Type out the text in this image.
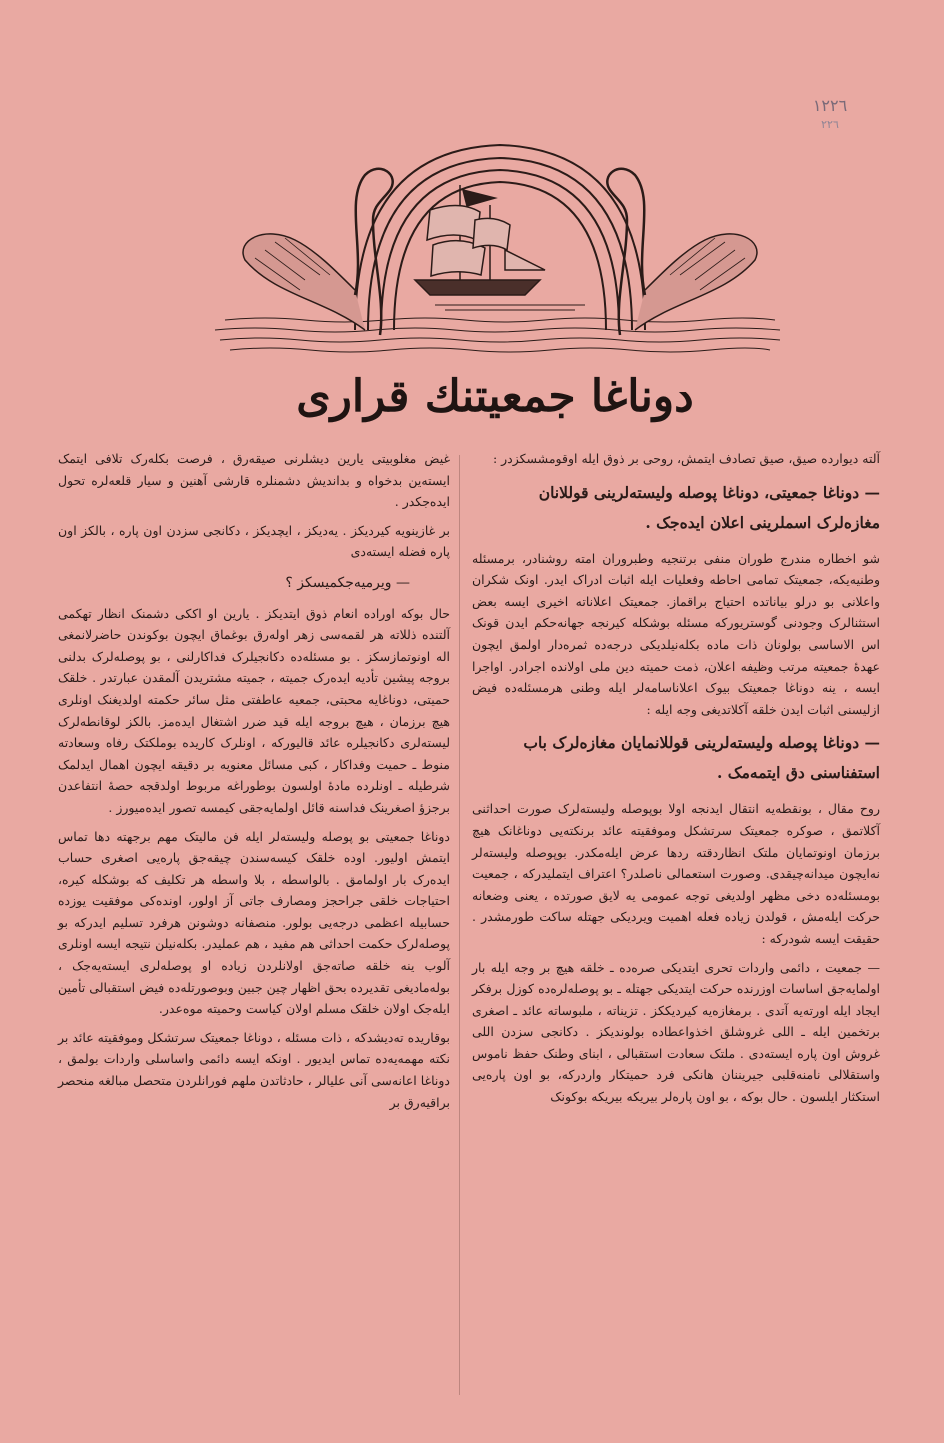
١٢٢٦
٢٢٦
دوناغا جمعيتنك قرارى

آلتە دیواردە صیق، صیق تصادف ایتمش، روحی بر ذوق ایلە اوقومشسکزدر :

— دوناغا جمعیتی، دوناغا پوصلە ولیستەلرینی قوللانان مغازەلرک اسملرینی اعلان ایدەجک .

شو اخطارە مندرج طوران منفی برتنجیە وطبروران امتە روشنادر، برمسئلە وطنیەیکە، جمعیتک تمامی احاطە وفعلیات ایلە اثبات ادراک ایدر. اونک شکران واعلانی بو درلو بیاناتدە احتیاج براقماز. جمعیتک اعلاناتە اخیری ایسە بعض استثنالرک وجودنی گوستریورکە مسئلە بوشکلە کیرنجە جهانەحکم ایدن قونک اس الاساسی بولونان ذات مادە بکلەنیلدیکی درجەدە ثمرەدار اولمق ایچون عهدهٔ جمعیتە مرتب وظیفە اعلان، ذمت حمیتە دین ملی اولاندە اجرادر. اواجرا ایسە ، ینە دوناغا جمعیتک بیوک اعلاناسامەلر ایلە وطنی هرمسئلەدە فیض ازلیسنی اثبات ایدن خلقە آکلاتدیغی وجە ایلە :

— دوناغا پوصلە ولیستەلرینی قوللانمایان مغازەلرک باب استفناسنی دق ایتمەمک .

روح مقال ، بونقطەیە انتقال ایدنجە اولا بوپوصلە ولیستەلرک صورت احداثنی آکلاتمق ، صوکرە جمعیتک سرتشکل وموفقیتە عائد برنکتەیی دوناغانک هیچ برزمان اونوتمایان ملتک انظاردقتە ردها عرض ایلەمکدر. بوپوصلە ولیستەلر نەایچون میدانەچیقدی. وصورت استعمالی ناصلدر؟ اعتراف ایتملیدرکە ، جمعیت بومسئلەدە دخی مظهر اولدیغی توجە عمومی یە لایق صورتدە ، یعنی وضعانە حرکت ایلەمش ، قولدن زیادە فعلە اهمیت ویردیکی جهتلە ساکت طورمشدر . حقیقت ایسە شودرکە :

— جمعیت ، دائمی واردات تحری ایتدیکی صرەدە ـ خلقە هیچ بر وجە ایلە بار اولمایەجق اساسات اوزرندە حرکت ایتدیکی جهتلە ـ بو پوصلەلرەدە کوزل برفکر ایجاد ایلە اورتەیە آتدی . برمغازەیە کیردیککز . تزیناتە ، ملبوساتە عائد ـ اصغری برتخمین ایلە ـ اللی غروشلق اخذواعطادە بولوندیکز . دکانجی سزدن اللی غروش اون پارە ایستەدی . ملتک سعادت استقبالی ، ابنای وطنک حفظ ناموس واستقلالی نامنەقلبی جیریننان هانکی فرد حمیتکار واردرکە، بو اون پارەیی استکثار ایلسون . حال بوکە ، بو اون پارەلر بیریکە بیریکە بوکونک

غیض مغلوبیتی یارین دیشلرنی صیقەرق ، فرصت بکلەرک تلافی ایتمک ایستەین بدخواە و بداندیش دشمنلرە قارشی آهنین و سیار قلعەلرە تحول ایدەجکدر .

بر غازینویە کیردیکز . یەدیکز ، ایچدیکز ، دکانجی سزدن اون پارە ، بالکز اون پارە فضلە ایستەدی

— ویرمیەجکمیسکز ؟

حال بوکە اورادە انعام ذوق ایتدیکز . یارین او اککی دشمنک انظار تهکمی آلتندە ذللاتە هر لقمەسی زهر اولەرق بوغماق ایچون بوکوندن حاضرلانمغی الە اونوتمازسکز . بو مسئلەدە دکانجیلرک فداکارلنی ، بو پوصلەلرک بدلنی بروجە پیشین تأدیە ایدەرک جمیتە ، جمیتە مشتریدن آلمقدن عبارتدر . خلقک حمیتی، دوناغایە محبتی، جمعیە عاطفتی مثل سائر حکمتە اولدیغنک اونلری هیچ برزمان ، هیچ بروجە ایلە قید ضرر اشتغال ایدەمز. بالکز لوقانطەلرک لیستەلری دکانجیلرە عائد قالیورکە ، اونلرک کاریدە بوملکتک رفاە وسعادتە منوط ـ حمیت وفداکار ، کبی مسائل معنویە بر دقیقە ایچون اهمال ایدلمک شرطیلە ـ اونلردە مادهٔ اولسون بوطوراغە مربوط اولدقجە حصهٔ انتفاعدن برجزؤ اصغرینک فداسنە قائل اولمایەجقی کیمسە تصور ایدەمیورز .

دوناغا جمعیتی بو پوصلە ولیستەلر ایلە فن مالیتک مهم برجهتە دها تماس ایتمش اولیور. اودە خلقک کیسەسندن چیقەجق پارەیی اصغری حساب ایدەرک بار اولمامق . بالواسطە ، بلا واسطە هر تکلیف کە بوشکلە کیرە، احتیاجات خلقی جراحجز ومصارف جاتی آز اولور، اوندەکی موفقیت یوزدە حسابیلە اعظمی درجەیی بولور. منصفانە دوشونن هرفرد تسلیم ایدرکە بو پوصلەلرک حکمت احداثی هم مفید ، هم عملیدر. بکلەنیلن نتیجە ایسە اونلری آلوب ینە خلقە صاتەجق اولانلردن زیادە او پوصلەلری ایستەیەجک ، بولەمادیغی تقدیردە بحق اظهار چین جبین وبوصورتلەدە فیض استقبالی تأمین ایلەجک اولان خلقک مسلم اولان کیاست وحمیتە موەعدر.

بوقاریدە تەدیشدکە ، ذات مسئلە ، دوناغا جمعیتک سرتشکل وموفقیتە عائد بر نکتە مهمەیەدە تماس ایدیور . اونکە ایسە دائمی واساسلی واردات بولمق ، دوناغا اعانەسی آنی علیالر ، حادثاتدن ملهم فورانلردن متحصل مبالغە منحصر براقیەرق بر
